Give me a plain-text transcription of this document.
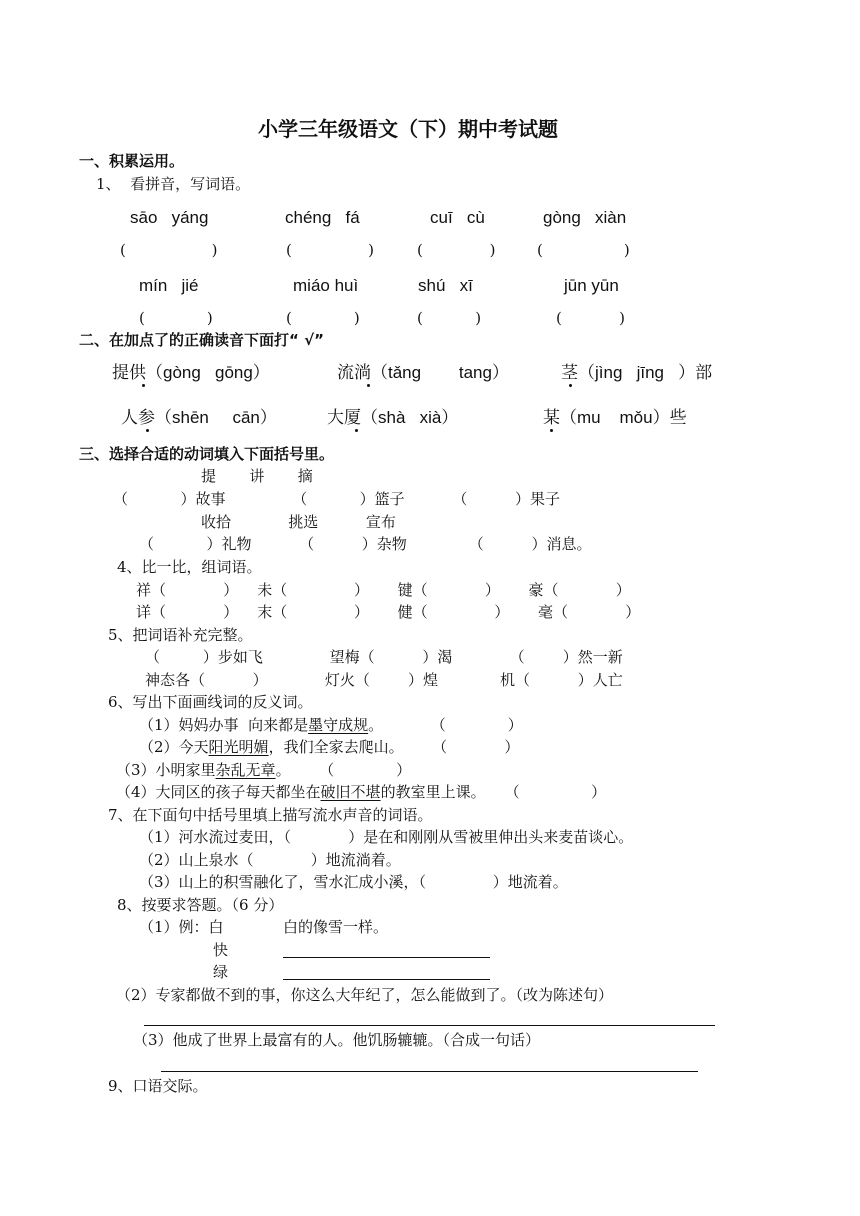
小学三年级语文（下）期中考试题
一、积累运用。
1、  看拼音，写词语。
sāo   yáng	chéng   fá	cuī   cù	gòng   xiàn
(                  )	(                )	(              )	(                 )
mín   jié	miáo huì	shú   xī	jūn yūn
(             )	(             )	(           )	(            )
二、在加点了的正确读音下面打“ √”
提供（gòng   gōng）	流淌（tǎng        tang）	茎（jìng   jīng   ）部
人参（shēn     cān）	大厦（shà   xià）	某（mu    mǒu）些
三、选择合适的动词填入下面括号里。
提       讲       摘
（           ）故事              （           ）篮子          （          ）果子
收拾            挑选          宣布
（           ）礼物          （          ）杂物             （          ）消息。
4、比一比，组词语。
祥（            ）    未（              ）      键（            ）      豪（            ）
详（            ）    末（              ）      健（              ）      毫（            ）
5、把词语补充完整。
（         ）步如飞              望梅（          ）渴            （        ）然一新
神态各（          ）            灯火（        ）煌             机（          ）人亡
6、写出下面画线词的反义词。
（1）妈妈办事  向来都是墨守成规。          （             ）
（2）今天阳光明媚，我们全家去爬山。      （            ）
（3）小明家里杂乱无章。      （             ）
（4）大同区的孩子每天都坐在破旧不堪的教室里上课。    （               ）
7、在下面句中括号里填上描写流水声音的词语。
（1）河水流过麦田，（            ）是在和刚刚从雪被里伸出头来麦苗谈心。
（2）山上泉水（            ）地流淌着。
（3）山上的积雪融化了，雪水汇成小溪，（              ）地流着。
8、按要求答题。（6 分）
（1）例：白	白的像雪一样。
快
绿
（2）专家都做不到的事，你这么大年纪了，怎么能做到了。（改为陈述句）
（3）他成了世界上最富有的人。他饥肠辘辘。（合成一句话）
9、口语交际。
